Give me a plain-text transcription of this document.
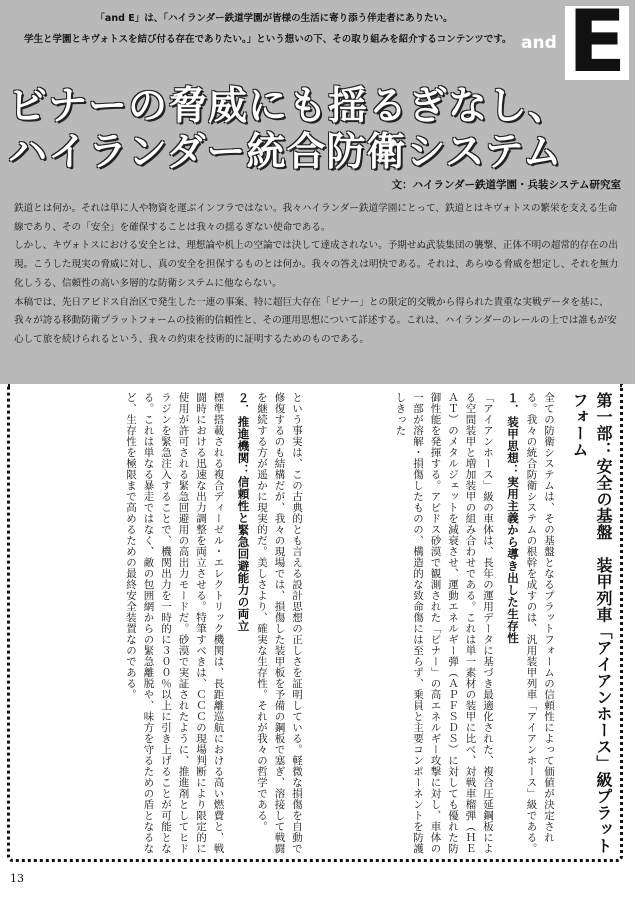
「and E」は、「ハイランダー鉄道学園が皆様の生活に寄り添う伴走者にありたい。

学生と学園とキヴォトスを結び付る存在でありたい。」という想いの下、その取り組みを紹介するコンテンツです。 and E

ビナーの脅威にも揺るぎなし、

ハイランダー統合防衛システム

文：ハイランダー鉄道学園・兵装システム研究室

鉄道とは何か。それは単に人や物資を運ぶインフラではない。我々ハイランダー鉄道学園にとって、鉄道とはキヴォトスの繁栄を支える生命線であり、その「安全」を確保することは我々の揺るぎない使命である。

しかし、キヴォトスにおける安全とは、理想論や机上の空論では決して達成されない。予期せぬ武装集団の襲撃、正体不明の超常的存在の出現。こうした現実の脅威に対し、真の安全を担保するものとは何か。我々の答えは明快である。それは、あらゆる脅威を想定し、それを無力化しうる、信頼性の高い多層的な防衛システムに他ならない。

本稿では、先日アビドス自治区で発生した一連の事案、特に超巨大存在「ビナー」との限定的交戦から得られた貴重な実戦データを基に、我々が誇る移動防衛プラットフォームの技術的信頼性と、その運用思想について詳述する。これは、ハイランダーのレールの上では誰もが安心して旅を続けられるという、我々の約束を技術的に証明するためのものである。

第一部：安全の基盤　装甲列車「アイアンホース」級プラットフォーム

全ての防衛システムは、その基盤となるプラットフォームの信頼性によって価値が決定される。我々の統合防衛システムの根幹を成すのは、汎用装甲列車「アイアンホース」級である。

１．装甲思想：実用主義から導き出した生存性

「アイアンホース」級の車体は、長年の運用データに基づき最適化された、複合圧延鋼板による空間装甲と増加装甲の組み合わせである。これは単一素材の装甲に比べ、対戦車榴弾（ＨＥＡＴ）のメタルジェットを減衰させ、運動エネルギー弾（ＡＰＦＳＤＳ）に対しても優れた防御性能を発揮する。アビドス砂漠で観測された「ビナー」の高エネルギー攻撃に対し、車体の一部が溶解・損傷したものの、構造的な致命傷には至らず、乗員と主要コンポーネントを防護しきった

という事実は、この古典的とも言える設計思想の正しさを証明している。軽微な損傷を自動で修復するのも結構だが、我々の現場では、損傷した装甲板を予備の鋼板で塞ぎ、溶接して戦闘を継続する方が遥かに現実的だ。美しさより、確実な生存性。それが我々の哲学である。

２．推進機関：信頼性と緊急回避能力の両立

標準搭載される複合ディーゼル・エレクトリック機関は、長距離巡航における高い燃費と、戦闘時における迅速な出力調整を両立させる。特筆すべきは、ＣＣＣの現場判断により限定的に使用が許可される緊急回避用の高出力モードだ。砂漠で実証されたように、推進剤としてヒドラジンを緊急注入することで、機関出力を一時的に３００％以上に引き上げることが可能となる。これは単なる暴走ではなく、敵の包囲網からの緊急離脱や、味方を守るための盾となるなど、生存性を極限まで高めるための最終安全装置なのである。

13
